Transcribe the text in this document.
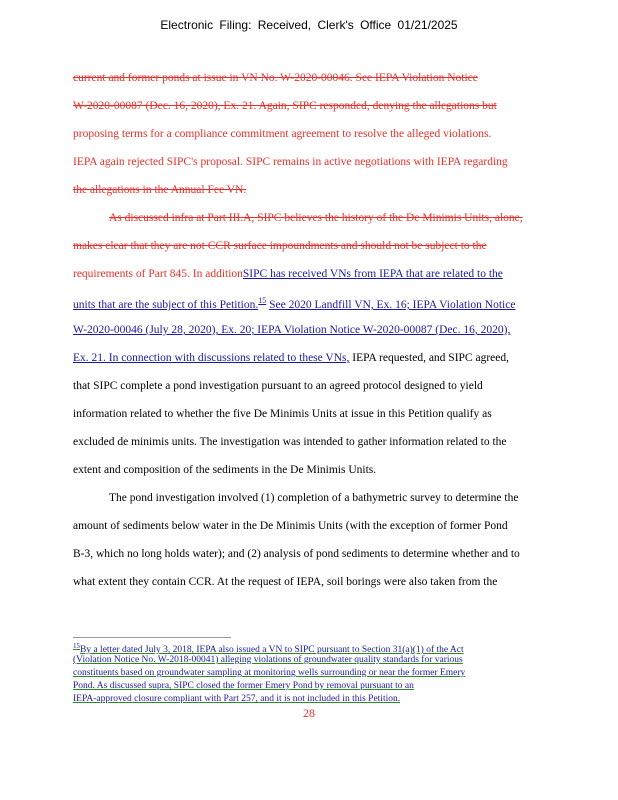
Electronic Filing: Received, Clerk's Office 01/21/2025
current and former ponds at issue in VN No. W-2020-00046. See IEPA Violation Notice
W-2020-00087 (Dec. 16, 2020), Ex. 21. Again, SIPC responded, denying the allegations but
proposing terms for a compliance commitment agreement to resolve the alleged violations.
IEPA again rejected SIPC's proposal. SIPC remains in active negotiations with IEPA regarding
the allegations in the Annual Fee VN.
As discussed infra at Part III.A, SIPC believes the history of the De Minimis Units, alone,
makes clear that they are not CCR surface impoundments and should not be subject to the
requirements of Part 845. In additionSIPC has received VNs from IEPA that are related to the
units that are the subject of this Petition.$^{15}$ See 2020 Landfill VN, Ex. 16; IEPA Violation Notice
W-2020-00046 (July 28, 2020), Ex. 20; IEPA Violation Notice W-2020-00087 (Dec. 16, 2020),
Ex. 21. In connection with discussions related to these VNs, IEPA requested, and SIPC agreed,
that SIPC complete a pond investigation pursuant to an agreed protocol designed to yield
information related to whether the five De Minimis Units at issue in this Petition qualify as
excluded de minimis units. The investigation was intended to gather information related to the
extent and composition of the sediments in the De Minimis Units.
The pond investigation involved (1) completion of a bathymetric survey to determine the
amount of sediments below water in the De Minimis Units (with the exception of former Pond
B-3, which no long holds water); and (2) analysis of pond sediments to determine whether and to
what extent they contain CCR. At the request of IEPA, soil borings were also taken from the
$^{15}$By a letter dated July 3, 2018, IEPA also issued a VN to SIPC pursuant to Section 31(a)(1) of the Act
(Violation Notice No. W-2018-00041) alleging violations of groundwater quality standards for various
constituents based on groundwater sampling at monitoring wells surrounding or near the former Emery
Pond. As discussed supra, SIPC closed the former Emery Pond by removal pursuant to an
IEPA-approved closure compliant with Part 257, and it is not included in this Petition.
28
